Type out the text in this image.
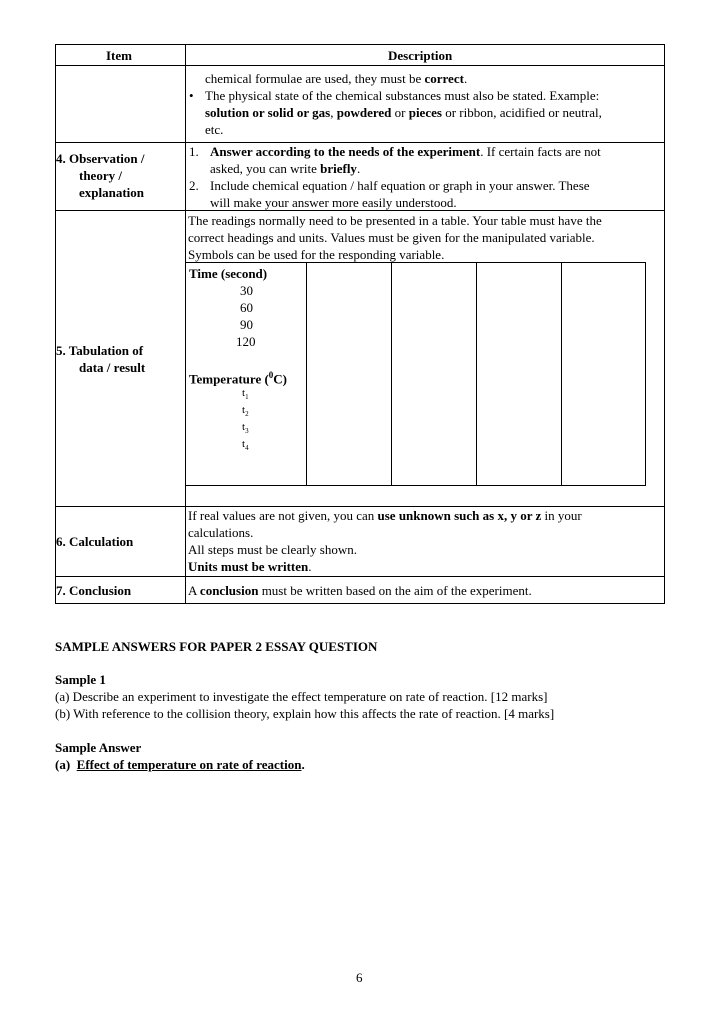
Item	Description
chemical formulae are used, they must be correct.
• The physical state of the chemical substances must also be stated. Example:
solution or solid or gas, powdered or pieces or ribbon, acidified or neutral,
etc.
4. Observation /
theory /
explanation
1. Answer according to the needs of the experiment. If certain facts are not
asked, you can write briefly.
2. Include chemical equation / half equation or graph in your answer. These
will make your answer more easily understood.
5. Tabulation of
data / result
The readings normally need to be presented in a table. Your table must have the
correct headings and units. Values must be given for the manipulated variable.
Symbols can be used for the responding variable.
6. Calculation
If real values are not given, you can use unknown such as x, y or z in your
calculations.
All steps must be clearly shown.
Units must be written.
7. Conclusion	A conclusion must be written based on the aim of the experiment.
Time (second)
30
60
90
120
Temperature ($^0$C)
$t_1$
$t_2$
$t_3$
$t_4$
SAMPLE ANSWERS FOR PAPER 2 ESSAY QUESTION
Sample 1
(a) Describe an experiment to investigate the effect temperature on rate of reaction. [12 marks]
(b) With reference to the collision theory, explain how this affects the rate of reaction. [4 marks]
Sample Answer
(a)  Effect of temperature on rate of reaction.
6
